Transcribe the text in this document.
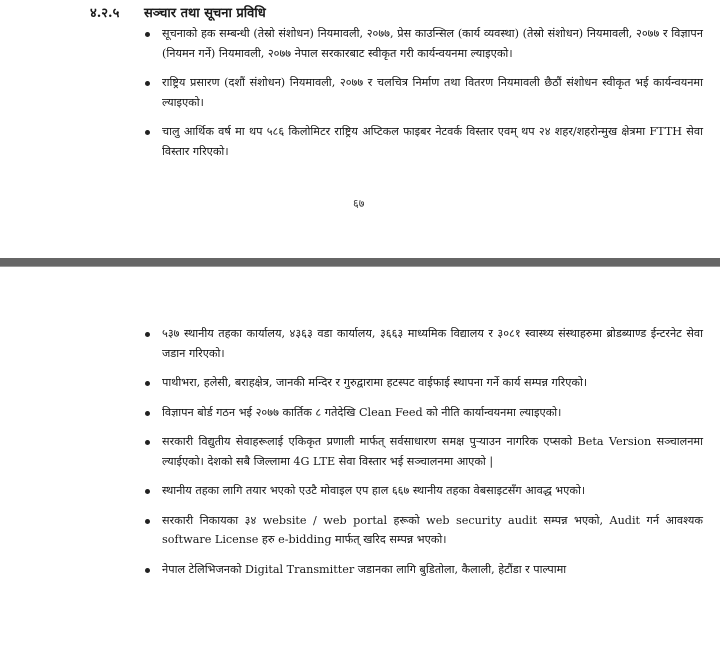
४.२.५ सञ्चार तथा सूचना प्रविधि
सूचनाको हक सम्बन्धी (तेस्रो संशोधन) नियमावली, २०७७, प्रेस काउन्सिल (कार्य व्यवस्था) (तेस्रो संशोधन) नियमावली, २०७७ र विज्ञापन (नियमन गर्ने) नियमावली, २०७७ नेपाल सरकारबाट स्वीकृत गरी कार्यन्वयनमा ल्याइएको।
राष्ट्रिय प्रसारण (दशौं संशोधन) नियमावली, २०७७ र चलचित्र निर्माण तथा वितरण नियमावली छैठौं संशोधन स्वीकृत भई कार्यन्वयनमा ल्याइएको।
चालु आर्थिक वर्ष मा थप ५८६ किलोमिटर राष्ट्रिय अप्टिकल फाइबर नेटवर्क विस्तार एवम् थप २४ शहर/शहरोन्मुख क्षेत्रमा FTTH सेवा विस्तार गरिएको।
६७
५३७ स्थानीय तहका कार्यालय, ४३६३ वडा कार्यालय, ३६६३ माध्यमिक विद्यालय र ३०८१ स्वास्थ्य संस्थाहरुमा ब्रोडब्याण्ड ईन्टरनेट सेवा जडान गरिएको।
पाथीभरा, हलेसी, बराहक्षेत्र, जानकी मन्दिर र गुरुद्वारामा हटस्पट वाईफाई स्थापना गर्ने कार्य सम्पन्न गरिएको।
विज्ञापन बोर्ड गठन भई २०७७ कार्तिक ८ गतेदेखि Clean Feed को नीति कार्यान्वयनमा ल्याइएको।
सरकारी विद्युतीय सेवाहरूलाई एकिकृत प्रणाली मार्फत् सर्वसाधारण समक्ष पुर्‍याउन नागरिक एप्सको Beta Version सञ्चालनमा ल्याईएको। देशको सबै जिल्लामा 4G LTE सेवा विस्तार भई सञ्चालनमा आएको |
स्थानीय तहका लागि तयार भएको एउटै मोवाइल एप हाल ६६७ स्थानीय तहका वेबसाइटसँग आवद्ध भएको।
सरकारी निकायका ३४ website / web portal हरूको web security audit सम्पन्न भएको, Audit गर्न आवश्यक software License हरु e-bidding मार्फत् खरिद सम्पन्न भएको।
नेपाल टेलिभिजनको Digital Transmitter जडानका लागि बुडितोला, कैलाली, हेटौंडा र पाल्पामा
